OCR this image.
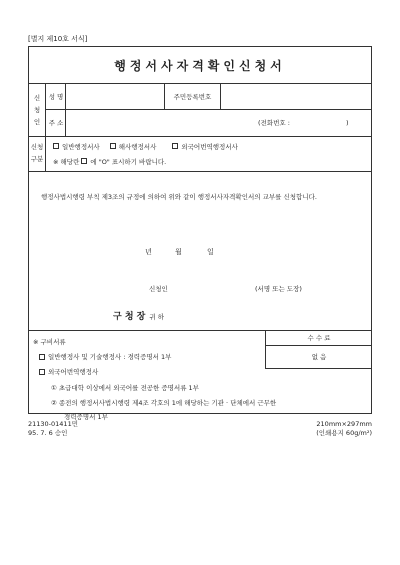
[별지 제10호 서식]
행정서사자격확인신청서
신
청
인
성 명	주민등록번호
주 소	(전화번호 :	)
신청
구분
일반행정서사	해사행정서사	외국어번역행정서사
※ 해당란 에 "O" 표시하기 바랍니다.
행정사법시행령 부칙 제3조의 규정에 의하여 위와 같이 행정서사자격확인서의 교부를 신청합니다.
년	월	일
신청인	(서명 또는 도장)
구 청 장 귀 하
※ 구비서류
일반행정사 및 기술행정사 : 경력증명서 1부
외국어번역행정사
① 초급대학 이상에서 외국어를 전공한 증명서류 1부
② 종전의 행정서사법시행령 제4조 각호의 1에 해당하는 기관 · 단체에서 근무한
경력증명서 1부
수 수 료
없 음
21130-01411민
95. 7. 6 승인
210mm×297mm
(인쇄용지 60g/m²)
